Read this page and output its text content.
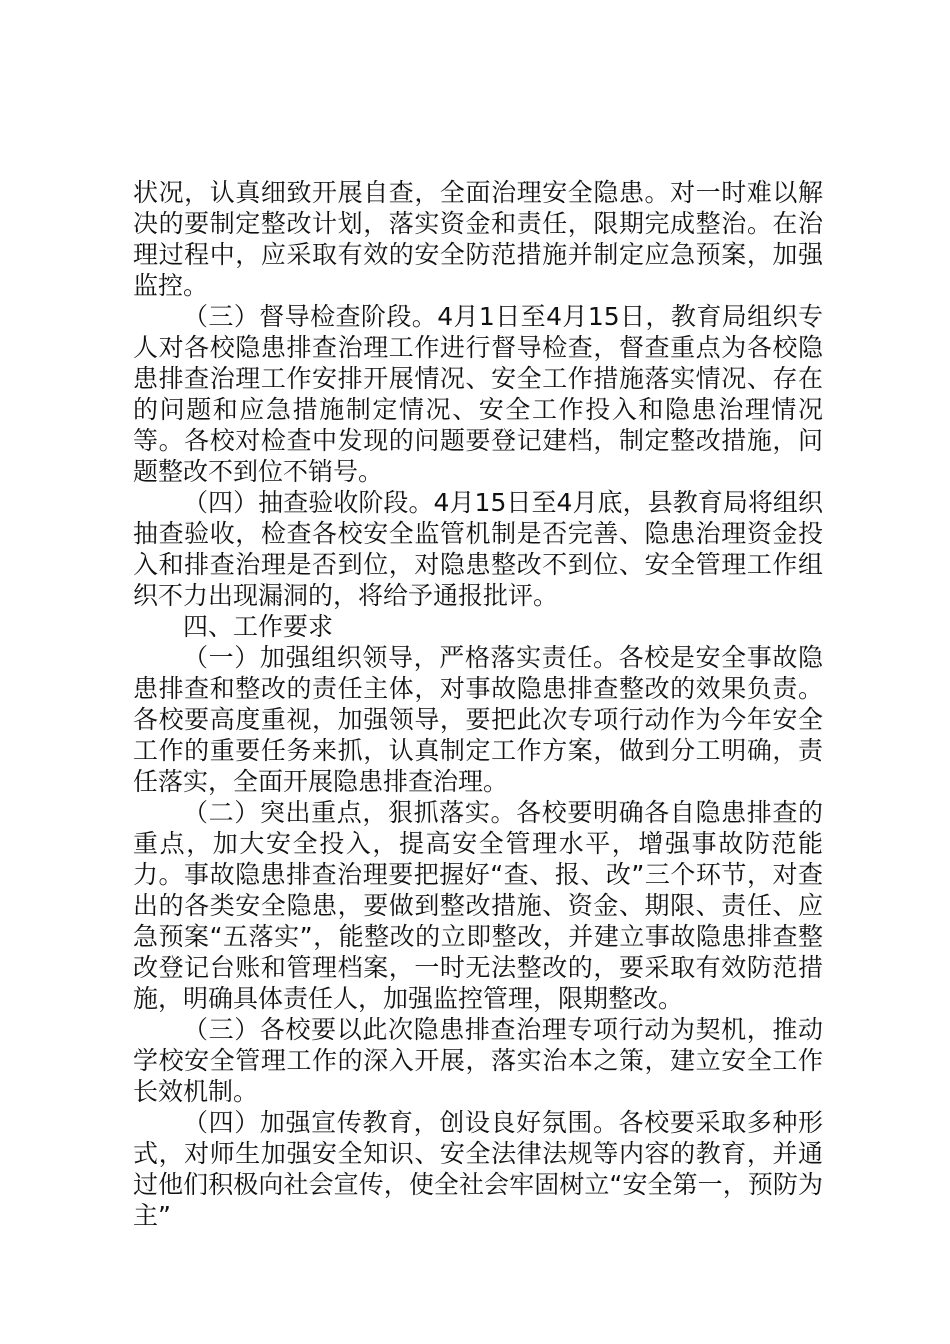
状况，认真细致开展自查，全面治理安全隐患。对一时难以解决的要制定整改计划，落实资金和责任，限期完成整治。在治理过程中，应采取有效的安全防范措施并制定应急预案，加强监控。

（三）督导检查阶段。4月1日至4月15日，教育局组织专人对各校隐患排查治理工作进行督导检查，督查重点为各校隐患排查治理工作安排开展情况、安全工作措施落实情况、存在的问题和应急措施制定情况、安全工作投入和隐患治理情况等。各校对检查中发现的问题要登记建档，制定整改措施，问题整改不到位不销号。

（四）抽查验收阶段。4月15日至4月底，县教育局将组织抽查验收，检查各校安全监管机制是否完善、隐患治理资金投入和排查治理是否到位，对隐患整改不到位、安全管理工作组织不力出现漏洞的，将给予通报批评。

四、工作要求

（一）加强组织领导，严格落实责任。各校是安全事故隐患排查和整改的责任主体，对事故隐患排查整改的效果负责。各校要高度重视，加强领导，要把此次专项行动作为今年安全工作的重要任务来抓，认真制定工作方案，做到分工明确，责任落实，全面开展隐患排查治理。

（二）突出重点，狠抓落实。各校要明确各自隐患排查的重点，加大安全投入，提高安全管理水平，增强事故防范能力。事故隐患排查治理要把握好“查、报、改”三个环节，对查出的各类安全隐患，要做到整改措施、资金、期限、责任、应急预案“五落实”，能整改的立即整改，并建立事故隐患排查整改登记台账和管理档案，一时无法整改的，要采取有效防范措施，明确具体责任人，加强监控管理，限期整改。

（三）各校要以此次隐患排查治理专项行动为契机，推动学校安全管理工作的深入开展，落实治本之策，建立安全工作长效机制。

（四）加强宣传教育，创设良好氛围。各校要采取多种形式，对师生加强安全知识、安全法律法规等内容的教育，并通过他们积极向社会宣传，使全社会牢固树立“安全第一，预防为主”
